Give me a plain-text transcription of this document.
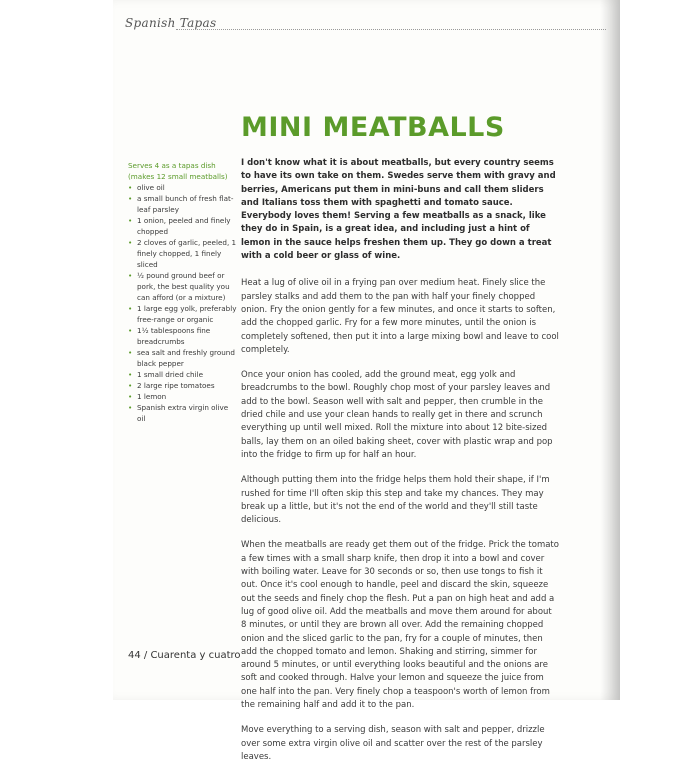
Spanish Tapas
MINI MEATBALLS
Serves 4 as a tapas dish (makes 12 small meatballs)
• olive oil
• a small bunch of fresh flat-leaf parsley
• 1 onion, peeled and finely chopped
• 2 cloves of garlic, peeled, 1 finely chopped, 1 finely sliced
• ½ pound ground beef or pork, the best quality you can afford (or a mixture)
• 1 large egg yolk, preferably free-range or organic
• 1½ tablespoons fine breadcrumbs
• sea salt and freshly ground black pepper
• 1 small dried chile
• 2 large ripe tomatoes
• 1 lemon
• Spanish extra virgin olive oil

I don't know what it is about meatballs, but every country seems to have its own take on them. Swedes serve them with gravy and berries, Americans put them in mini-buns and call them sliders and Italians toss them with spaghetti and tomato sauce. Everybody loves them! Serving a few meatballs as a snack, like they do in Spain, is a great idea, and including just a hint of lemon in the sauce helps freshen them up. They go down a treat with a cold beer or glass of wine.

Heat a lug of olive oil in a frying pan over medium heat. Finely slice the parsley stalks and add them to the pan with half your finely chopped onion. Fry the onion gently for a few minutes, and once it starts to soften, add the chopped garlic. Fry for a few more minutes, until the onion is completely softened, then put it into a large mixing bowl and leave to cool completely.

Once your onion has cooled, add the ground meat, egg yolk and breadcrumbs to the bowl. Roughly chop most of your parsley leaves and add to the bowl. Season well with salt and pepper, then crumble in the dried chile and use your clean hands to really get in there and scrunch everything up until well mixed. Roll the mixture into about 12 bite-sized balls, lay them on an oiled baking sheet, cover with plastic wrap and pop into the fridge to firm up for half an hour.

Although putting them into the fridge helps them hold their shape, if I'm rushed for time I'll often skip this step and take my chances. They may break up a little, but it's not the end of the world and they'll still taste delicious.

When the meatballs are ready get them out of the fridge. Prick the tomato a few times with a small sharp knife, then drop it into a bowl and cover with boiling water. Leave for 30 seconds or so, then use tongs to fish it out. Once it's cool enough to handle, peel and discard the skin, squeeze out the seeds and finely chop the flesh. Put a pan on high heat and add a lug of good olive oil. Add the meatballs and move them around for about 8 minutes, or until they are brown all over. Add the remaining chopped onion and the sliced garlic to the pan, fry for a couple of minutes, then add the chopped tomato and lemon. Shaking and stirring, simmer for around 5 minutes, or until everything looks beautiful and the onions are soft and cooked through. Halve your lemon and squeeze the juice from one half into the pan. Very finely chop a teaspoon's worth of lemon from the remaining half and add it to the pan.

Move everything to a serving dish, season with salt and pepper, drizzle over some extra virgin olive oil and scatter over the rest of the parsley leaves.

44 / Cuarenta y cuatro
